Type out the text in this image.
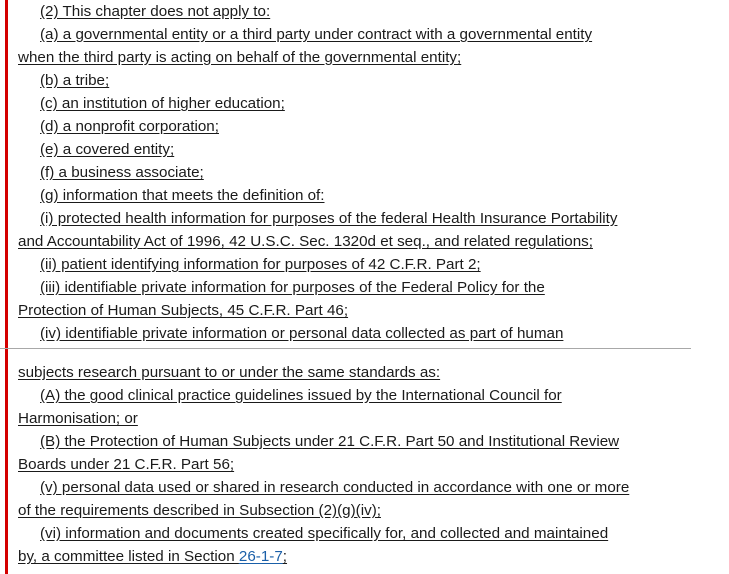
(2) This chapter does not apply to:
(a) a governmental entity or a third party under contract with a governmental entity
when the third party is acting on behalf of the governmental entity;
(b) a tribe;
(c) an institution of higher education;
(d) a nonprofit corporation;
(e) a covered entity;
(f) a business associate;
(g) information that meets the definition of:
(i) protected health information for purposes of the federal Health Insurance Portability
and Accountability Act of 1996, 42 U.S.C. Sec. 1320d et seq., and related regulations;
(ii) patient identifying information for purposes of 42 C.F.R. Part 2;
(iii) identifiable private information for purposes of the Federal Policy for the
Protection of Human Subjects, 45 C.F.R. Part 46;
(iv) identifiable private information or personal data collected as part of human
subjects research pursuant to or under the same standards as:
(A) the good clinical practice guidelines issued by the International Council for
Harmonisation; or
(B) the Protection of Human Subjects under 21 C.F.R. Part 50 and Institutional Review
Boards under 21 C.F.R. Part 56;
(v) personal data used or shared in research conducted in accordance with one or more
of the requirements described in Subsection (2)(g)(iv);
(vi) information and documents created specifically for, and collected and maintained
by, a committee listed in Section 26-1-7;
